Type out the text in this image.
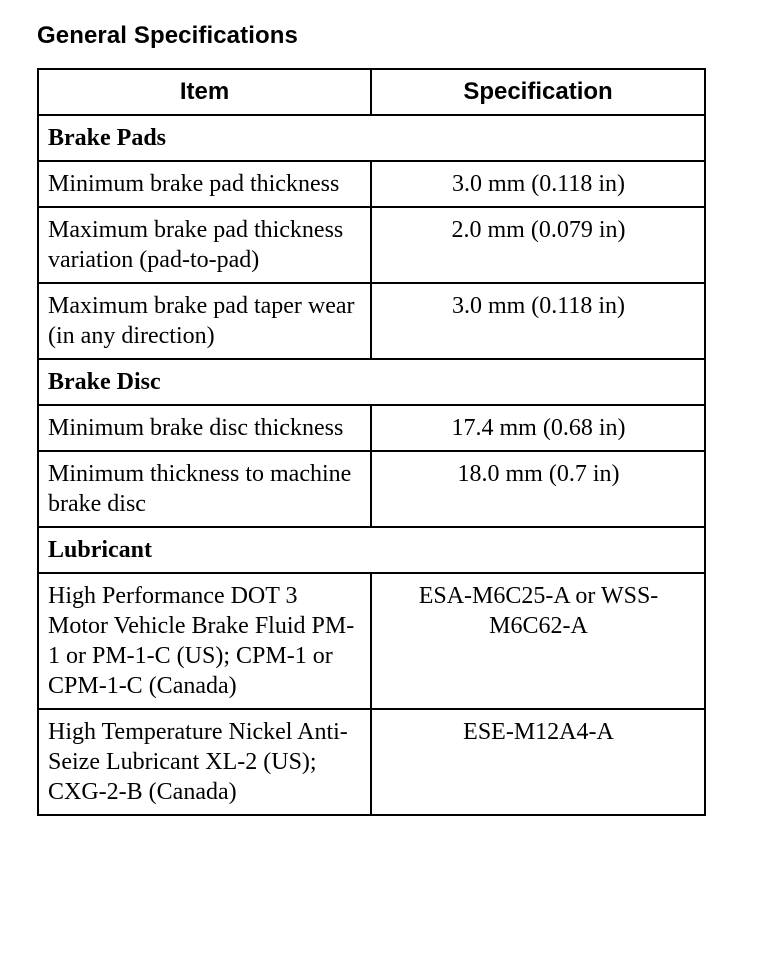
General Specifications
Item	Specification
Brake Pads	
Minimum brake pad thickness	3.0 mm (0.118 in)
Maximum brake pad thickness variation (pad-to-pad)	2.0 mm (0.079 in)
Maximum brake pad taper wear (in any direction)	3.0 mm (0.118 in)
Brake Disc	
Minimum brake disc thickness	17.4 mm (0.68 in)
Minimum thickness to machine brake disc	18.0 mm (0.7 in)
Lubricant	
High Performance DOT 3 Motor Vehicle Brake Fluid PM-1 or PM-1-C (US); CPM-1 or CPM-1-C (Canada)	ESA-M6C25-A or WSS-M6C62-A
High Temperature Nickel Anti-Seize Lubricant XL-2 (US); CXG-2-B (Canada)	ESE-M12A4-A
